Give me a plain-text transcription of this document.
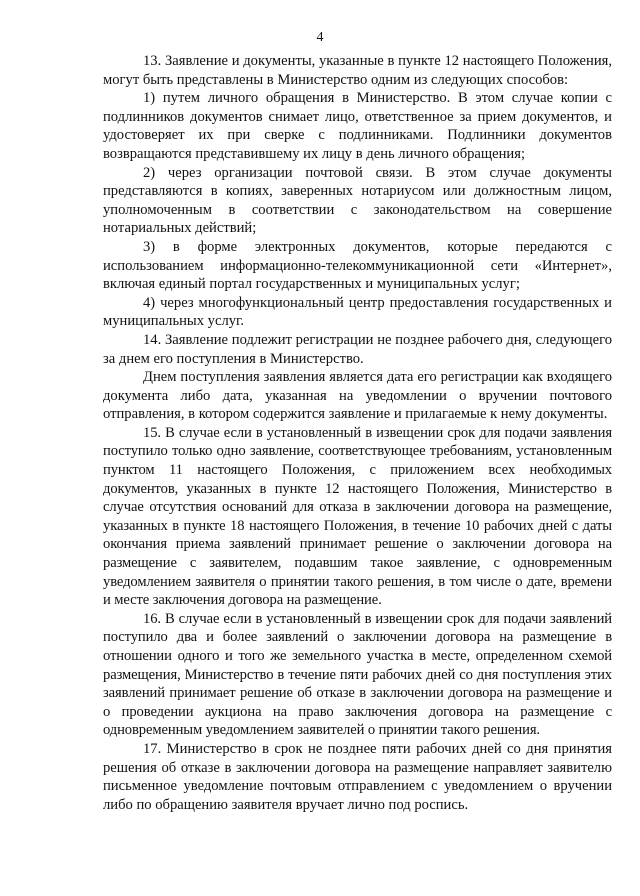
4

13. Заявление и документы, указанные в пункте 12 настоящего Положения, могут быть представлены в Министерство одним из следующих способов:

1) путем личного обращения в Министерство. В этом случае копии с подлинников документов снимает лицо, ответственное за прием документов, и удостоверяет их при сверке с подлинниками. Подлинники документов возвращаются представившему их лицу в день личного обращения;

2) через организации почтовой связи. В этом случае документы представляются в копиях, заверенных нотариусом или должностным лицом, уполномоченным в соответствии с законодательством на совершение нотариальных действий;

3) в форме электронных документов, которые передаются с использованием информационно-телекоммуникационной сети «Интернет», включая единый портал государственных и муниципальных услуг;

4) через многофункциональный центр предоставления государственных и муниципальных услуг.

14. Заявление подлежит регистрации не позднее рабочего дня, следующего за днем его поступления в Министерство.

Днем поступления заявления является дата его регистрации как входящего документа либо дата, указанная на уведомлении о вручении почтового отправления, в котором содержится заявление и прилагаемые к нему документы.

15. В случае если в установленный в извещении срок для подачи заявления поступило только одно заявление, соответствующее требованиям, установленным пунктом 11 настоящего Положения, с приложением всех необходимых документов, указанных в пункте 12 настоящего Положения, Министерство в случае отсутствия оснований для отказа в заключении договора на размещение, указанных в пункте 18 настоящего Положения, в течение 10 рабочих дней с даты окончания приема заявлений принимает решение о заключении договора на размещение с заявителем, подавшим такое заявление, с одновременным уведомлением заявителя о принятии такого решения, в том числе о дате, времени и месте заключения договора на размещение.

16. В случае если в установленный в извещении срок для подачи заявлений поступило два и более заявлений о заключении договора на размещение в отношении одного и того же земельного участка в месте, определенном схемой размещения, Министерство в течение пяти рабочих дней со дня поступления этих заявлений принимает решение об отказе в заключении договора на размещение и о проведении аукциона на право заключения договора на размещение с одновременным уведомлением заявителей о принятии такого решения.

17. Министерство в срок не позднее пяти рабочих дней со дня принятия решения об отказе в заключении договора на размещение направляет заявителю письменное уведомление почтовым отправлением с уведомлением о вручении либо по обращению заявителя вручает лично под роспись.
